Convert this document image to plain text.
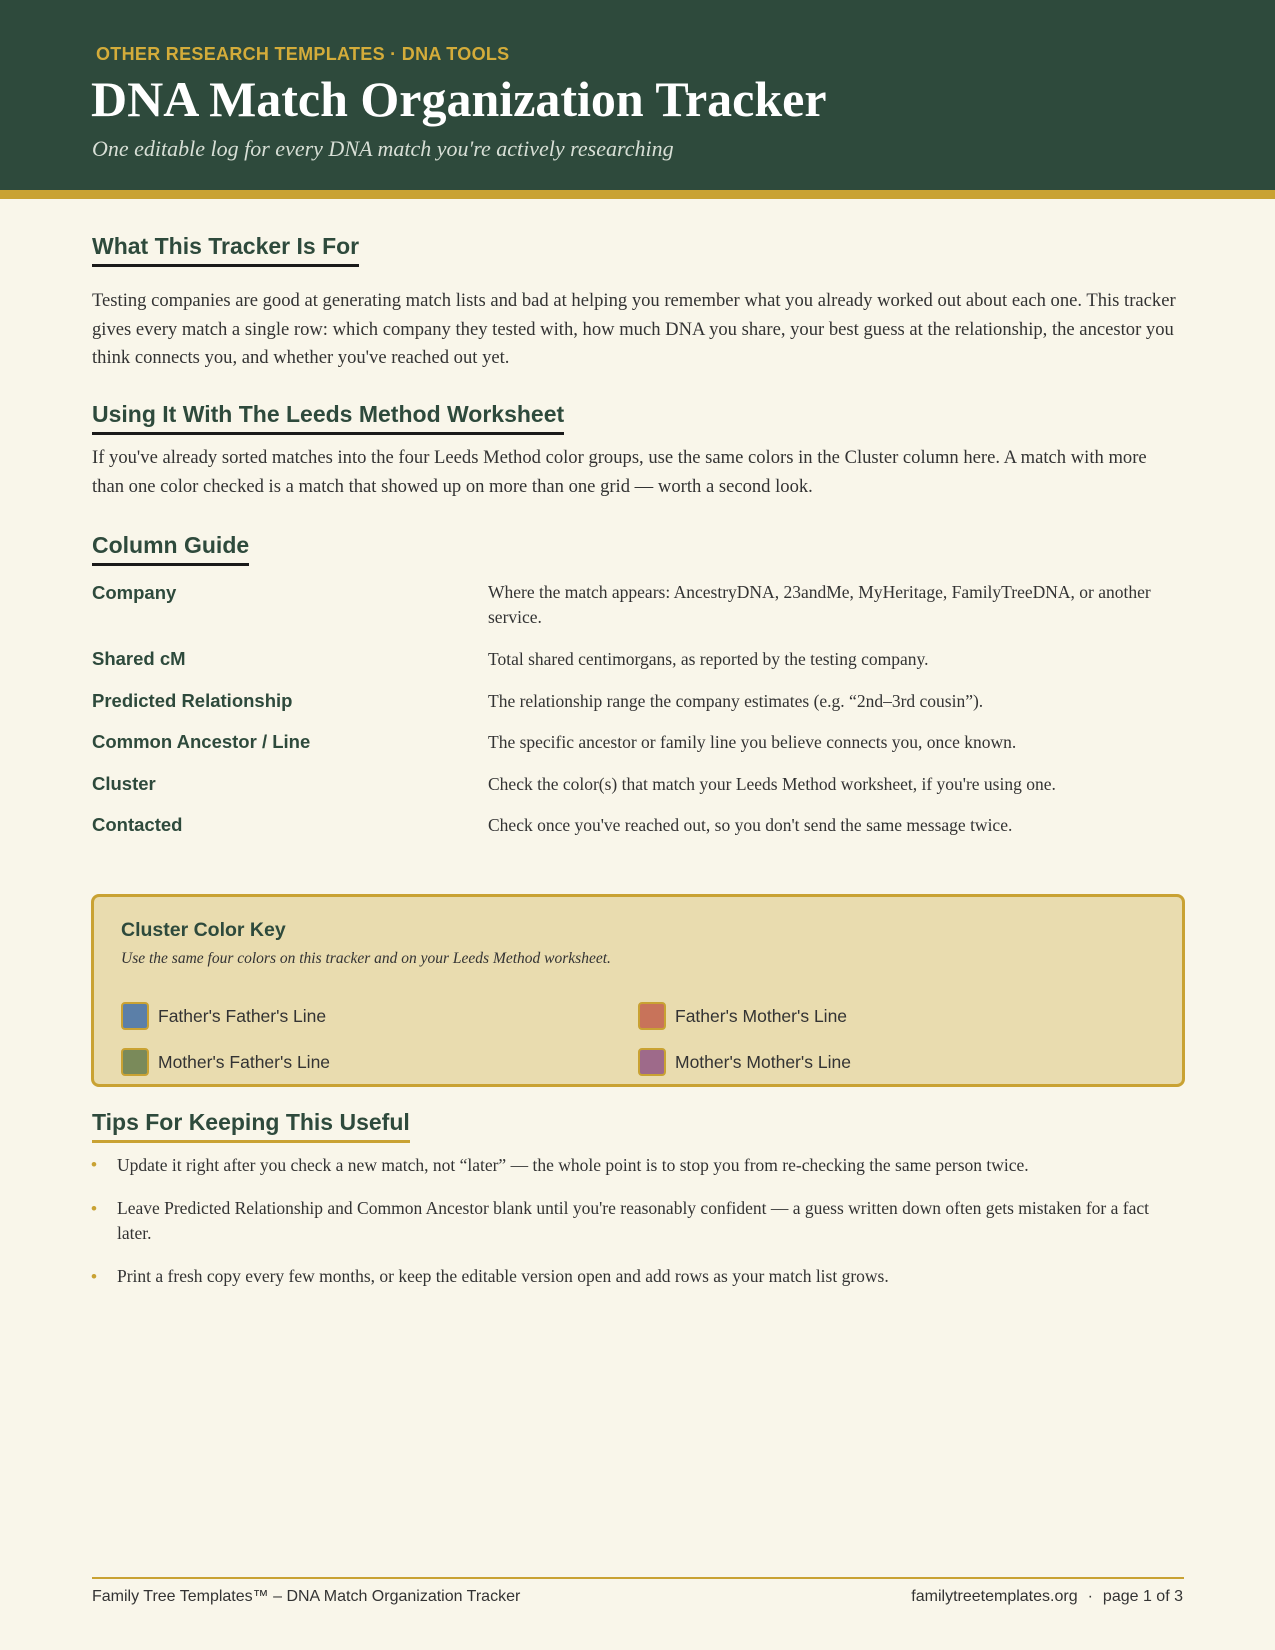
OTHER RESEARCH TEMPLATES · DNA TOOLS
DNA Match Organization Tracker
One editable log for every DNA match you're actively researching
What This Tracker Is For
Testing companies are good at generating match lists and bad at helping you remember what you already worked out about each one. This tracker gives every match a single row: which company they tested with, how much DNA you share, your best guess at the relationship, the ancestor you think connects you, and whether you've reached out yet.
Using It With The Leeds Method Worksheet
If you've already sorted matches into the four Leeds Method color groups, use the same colors in the Cluster column here. A match with more than one color checked is a match that showed up on more than one grid — worth a second look.
Column Guide
Company	Where the match appears: AncestryDNA, 23andMe, MyHeritage, FamilyTreeDNA, or another service.
Shared cM	Total shared centimorgans, as reported by the testing company.
Predicted Relationship	The relationship range the company estimates (e.g. “2nd–3rd cousin”).
Common Ancestor / Line	The specific ancestor or family line you believe connects you, once known.
Cluster	Check the color(s) that match your Leeds Method worksheet, if you're using one.
Contacted	Check once you've reached out, so you don't send the same message twice.
Cluster Color Key
Use the same four colors on this tracker and on your Leeds Method worksheet.
Father's Father's Line	Father's Mother's Line
Mother's Father's Line	Mother's Mother's Line
Tips For Keeping This Useful
• Update it right after you check a new match, not “later” — the whole point is to stop you from re-checking the same person twice.
• Leave Predicted Relationship and Common Ancestor blank until you're reasonably confident — a guess written down often gets mistaken for a fact later.
• Print a fresh copy every few months, or keep the editable version open and add rows as your match list grows.
Family Tree Templates™ – DNA Match Organization Tracker	familytreetemplates.org · page 1 of 3
